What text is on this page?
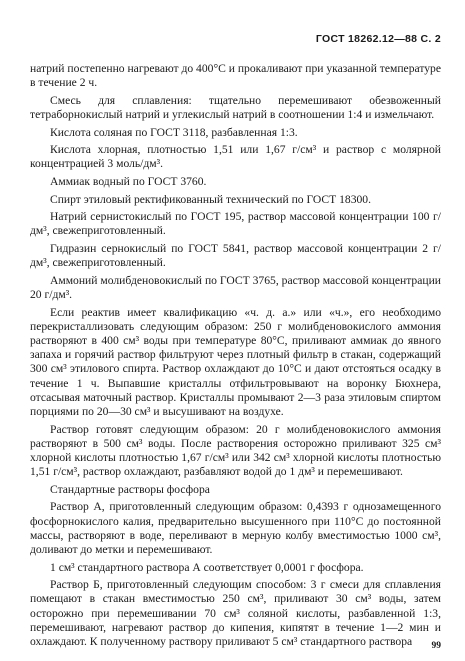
ГОСТ 18262.12—88 С. 2

натрий постепенно нагревают до 400°С и прокаливают при указанной температуре в течение 2 ч.

Смесь для сплавления: тщательно перемешивают обезвоженный тетраборнокислый натрий и углекислый натрий в соотношении 1:4 и измельчают.

Кислота соляная по ГОСТ 3118, разбавленная 1:3.

Кислота хлорная, плотностью 1,51 или 1,67 г/см³ и раствор с молярной концентрацией 3 моль/дм³.

Аммиак водный по ГОСТ 3760.

Спирт этиловый ректификованный технический по ГОСТ 18300.

Натрий сернистокислый по ГОСТ 195, раствор массовой концентрации 100 г/дм³, свежеприготовленный.

Гидразин сернокислый по ГОСТ 5841, раствор массовой концентрации 2 г/дм³, свежеприготовленный.

Аммоний молибденовокислый по ГОСТ 3765, раствор массовой концентрации 20 г/дм³.

Если реактив имеет квалификацию «ч. д. а.» или «ч.», его необходимо перекристаллизовать следующим образом: 250 г молибденовокислого аммония растворяют в 400 см³ воды при температуре 80°С, приливают аммиак до явного запаха и горячий раствор фильтруют через плотный фильтр в стакан, содержащий 300 см³ этилового спирта. Раствор охлаждают до 10°С и дают отстояться осадку в течение 1 ч. Выпавшие кристаллы отфильтровывают на воронку Бюхнера, отсасывая маточный раствор. Кристаллы промывают 2—3 раза этиловым спиртом порциями по 20—30 см³ и высушивают на воздухе.

Раствор готовят следующим образом: 20 г молибденовокислого аммония растворяют в 500 см³ воды. После растворения осторожно приливают 325 см³ хлорной кислоты плотностью 1,67 г/см³ или 342 см³ хлорной кислоты плотностью 1,51 г/см³, раствор охлаждают, разбавляют водой до 1 дм³ и перемешивают.

Стандартные растворы фосфора

Раствор А, приготовленный следующим образом: 0,4393 г однозамещенного фосфорнокислого калия, предварительно высушенного при 110°С до постоянной массы, растворяют в воде, переливают в мерную колбу вместимостью 1000 см³, доливают до метки и перемешивают.

1 см³ стандартного раствора А соответствует 0,0001 г фосфора.

Раствор Б, приготовленный следующим способом: 3 г смеси для сплавления помещают в стакан вместимостью 250 см³, приливают 30 см³ воды, затем осторожно при перемешивании 70 см³ соляной кислоты, разбавленной 1:3, перемешивают, нагревают раствор до кипения, кипятят в течение 1—2 мин и охлаждают. К полученному раствору приливают 5 см³ стандартного раствора	99
